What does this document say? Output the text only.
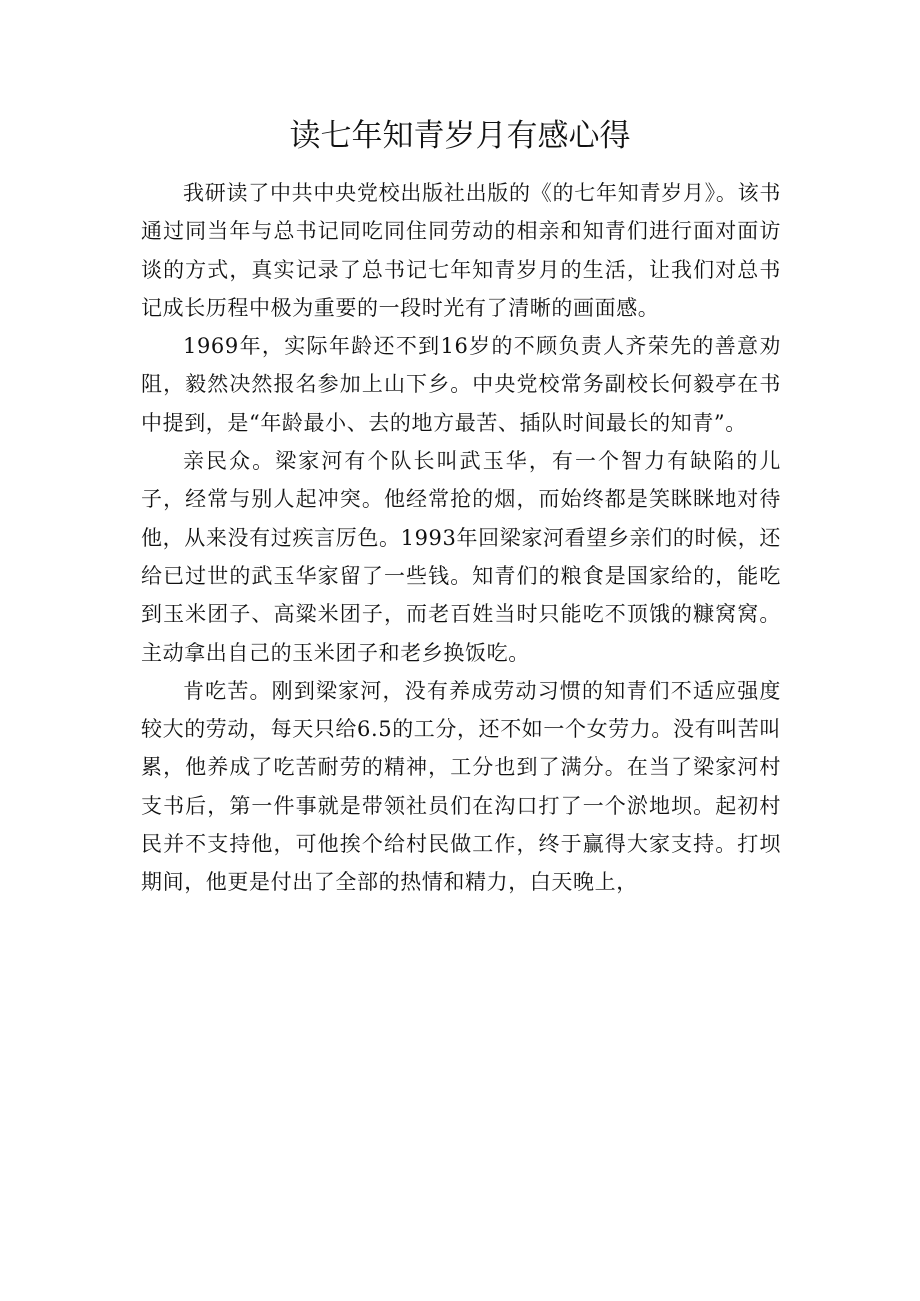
读七年知青岁月有感心得

我研读了中共中央党校出版社出版的《的七年知青岁月》。该书通过同当年与总书记同吃同住同劳动的相亲和知青们进行面对面访谈的方式，真实记录了总书记七年知青岁月的生活，让我们对总书记成长历程中极为重要的一段时光有了清晰的画面感。

1969年，实际年龄还不到16岁的不顾负责人齐荣先的善意劝阻，毅然决然报名参加上山下乡。中央党校常务副校长何毅亭在书中提到，是“年龄最小、去的地方最苦、插队时间最长的知青”。

亲民众。梁家河有个队长叫武玉华，有一个智力有缺陷的儿子，经常与别人起冲突。他经常抢的烟，而始终都是笑眯眯地对待他，从来没有过疾言厉色。1993年回梁家河看望乡亲们的时候，还给已过世的武玉华家留了一些钱。知青们的粮食是国家给的，能吃到玉米团子、高粱米团子，而老百姓当时只能吃不顶饿的糠窝窝。主动拿出自己的玉米团子和老乡换饭吃。

肯吃苦。刚到梁家河，没有养成劳动习惯的知青们不适应强度较大的劳动，每天只给6.5的工分，还不如一个女劳力。没有叫苦叫累，他养成了吃苦耐劳的精神，工分也到了满分。在当了梁家河村支书后，第一件事就是带领社员们在沟口打了一个淤地坝。起初村民并不支持他，可他挨个给村民做工作，终于赢得大家支持。打坝期间，他更是付出了全部的热情和精力，白天晚上，
